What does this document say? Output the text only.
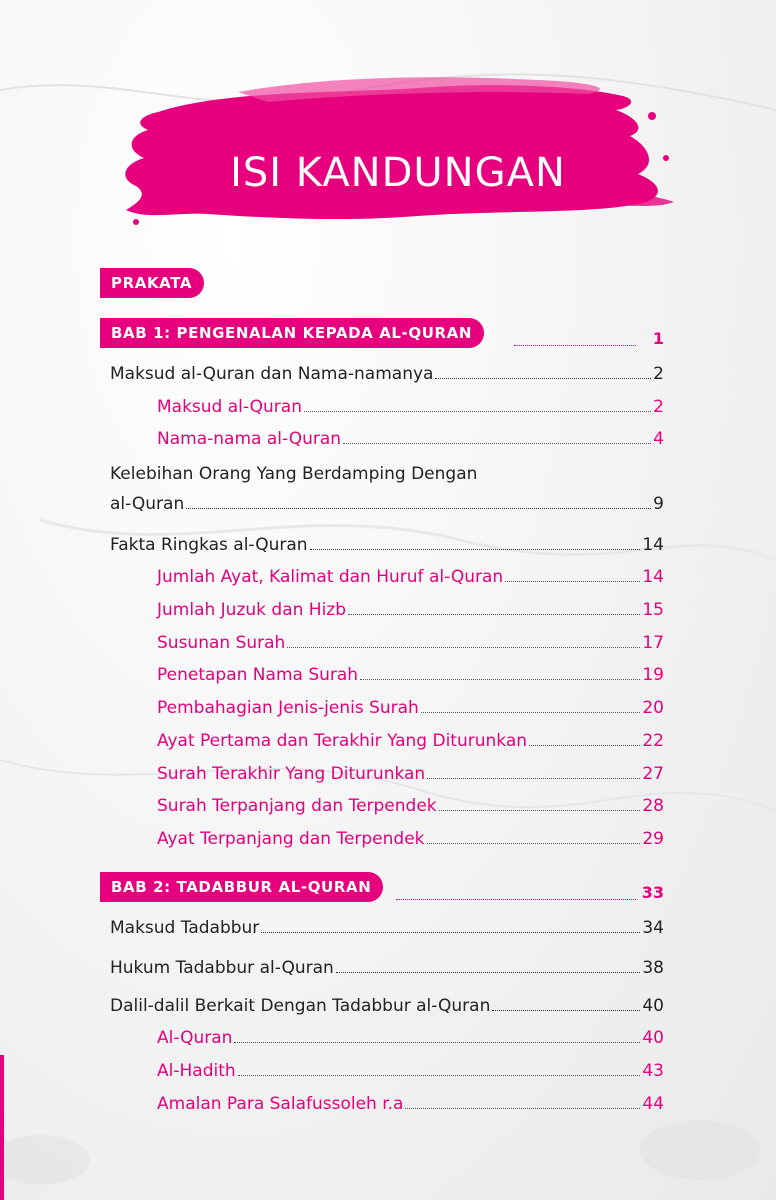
ISI KANDUNGAN
PRAKATA
BAB 1: PENGENALAN KEPADA AL-QURAN	1
Maksud al-Quran dan Nama-namanya	2
Maksud al-Quran	2
Nama-nama al-Quran	4
Kelebihan Orang Yang Berdamping Dengan
al-Quran	9
Fakta Ringkas al-Quran	14
Jumlah Ayat, Kalimat dan Huruf al-Quran	14
Jumlah Juzuk dan Hizb	15
Susunan Surah	17
Penetapan Nama Surah	19
Pembahagian Jenis-jenis Surah	20
Ayat Pertama dan Terakhir Yang Diturunkan	22
Surah Terakhir Yang Diturunkan	27
Surah Terpanjang dan Terpendek	28
Ayat Terpanjang dan Terpendek	29
BAB 2: TADABBUR AL-QURAN	33
Maksud Tadabbur	34
Hukum Tadabbur al-Quran	38
Dalil-dalil Berkait Dengan Tadabbur al-Quran	40
Al-Quran	40
Al-Hadith	43
Amalan Para Salafussoleh r.a	44
